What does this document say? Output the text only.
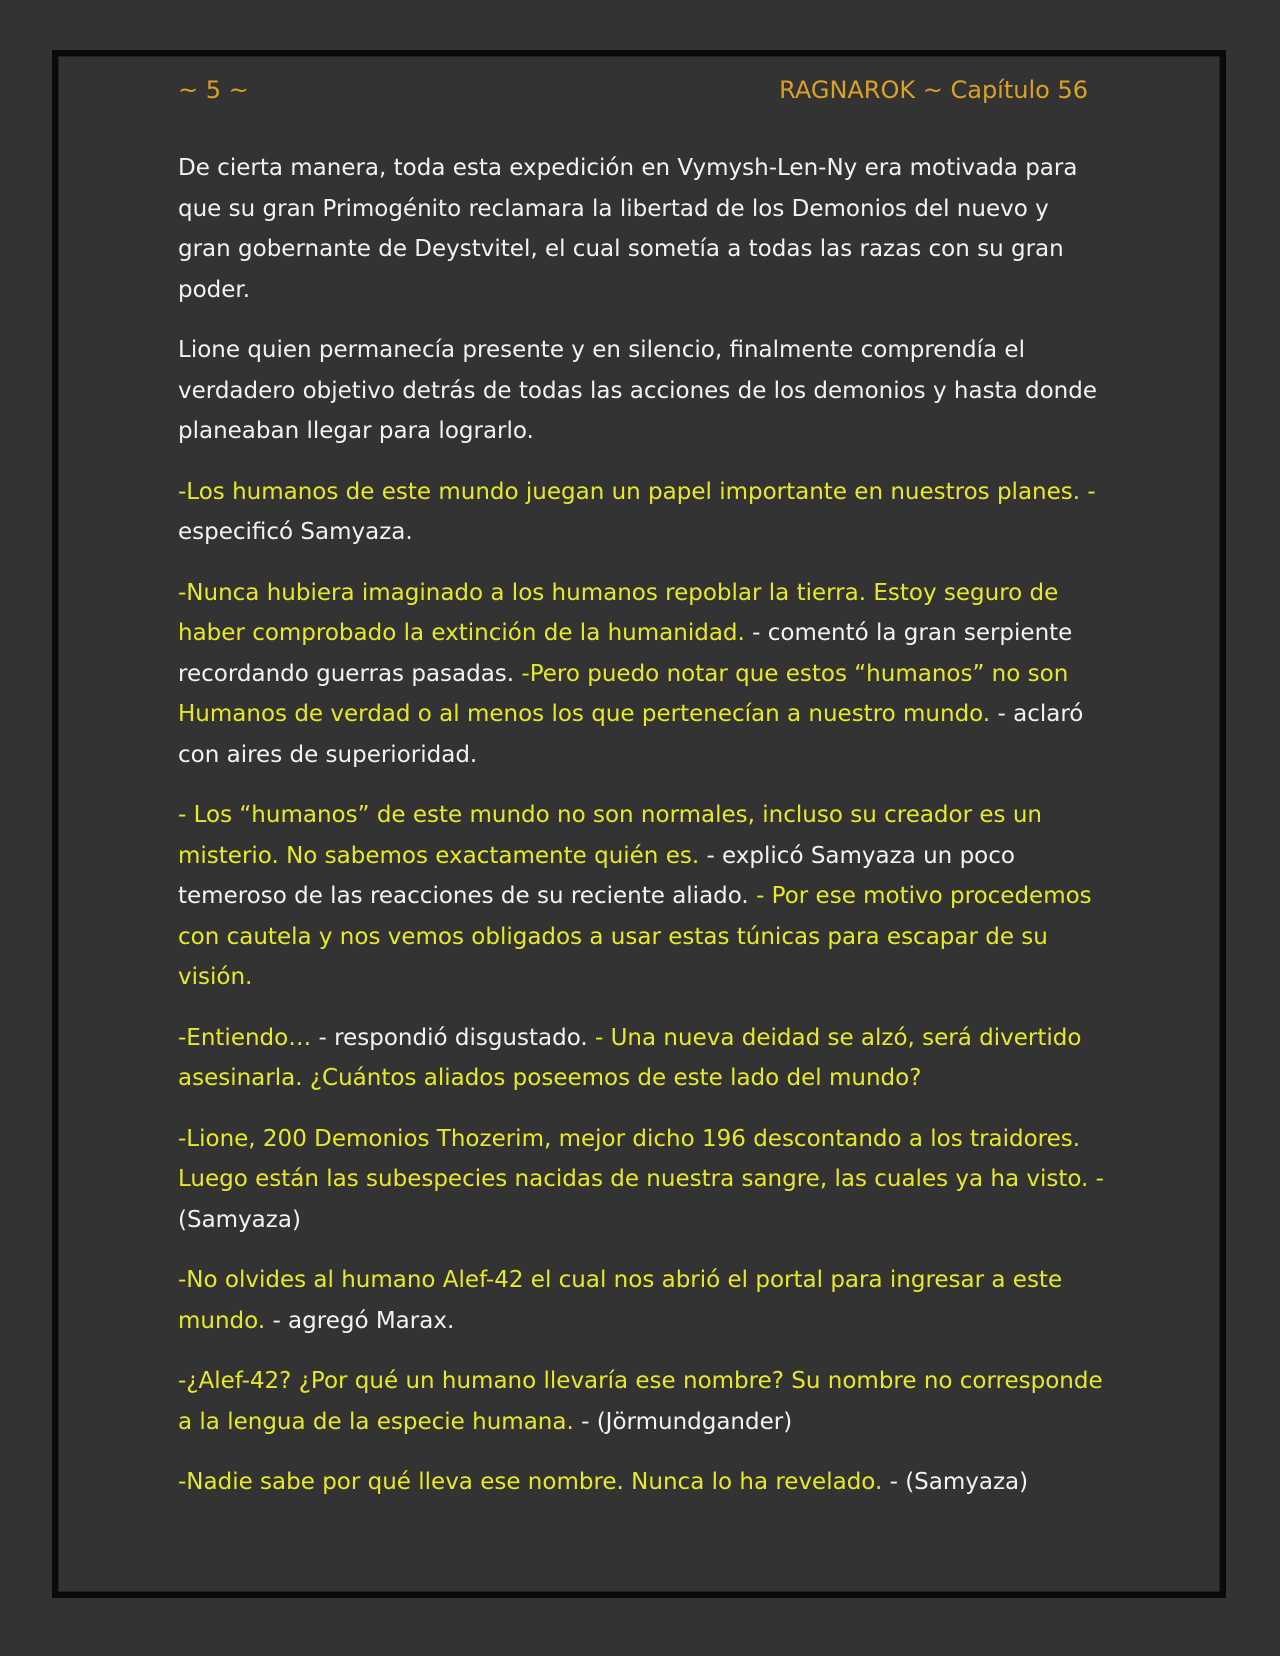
~ 5 ~	RAGNAROK ~ Capítulo 56

De cierta manera, toda esta expedición en Vymysh-Len-Ny era motivada para que su gran Primogénito reclamara la libertad de los Demonios del nuevo y gran gobernante de Deystvitel, el cual sometía a todas las razas con su gran poder.

Lione quien permanecía presente y en silencio, finalmente comprendía el verdadero objetivo detrás de todas las acciones de los demonios y hasta donde planeaban llegar para lograrlo.

-Los humanos de este mundo juegan un papel importante en nuestros planes. - especificó Samyaza.

-Nunca hubiera imaginado a los humanos repoblar la tierra. Estoy seguro de haber comprobado la extinción de la humanidad. - comentó la gran serpiente recordando guerras pasadas. -Pero puedo notar que estos “humanos” no son Humanos de verdad o al menos los que pertenecían a nuestro mundo. - aclaró con aires de superioridad.

- Los “humanos” de este mundo no son normales, incluso su creador es un misterio. No sabemos exactamente quién es. - explicó Samyaza un poco temeroso de las reacciones de su reciente aliado. - Por ese motivo procedemos con cautela y nos vemos obligados a usar estas túnicas para escapar de su visión.

-Entiendo… - respondió disgustado. - Una nueva deidad se alzó, será divertido asesinarla. ¿Cuántos aliados poseemos de este lado del mundo?

-Lione, 200 Demonios Thozerim, mejor dicho 196 descontando a los traidores. Luego están las subespecies nacidas de nuestra sangre, las cuales ya ha visto. - (Samyaza)

-No olvides al humano Alef-42 el cual nos abrió el portal para ingresar a este mundo. - agregó Marax.

-¿Alef-42? ¿Por qué un humano llevaría ese nombre? Su nombre no corresponde a la lengua de la especie humana. - (Jörmundgander)

-Nadie sabe por qué lleva ese nombre. Nunca lo ha revelado. - (Samyaza)
